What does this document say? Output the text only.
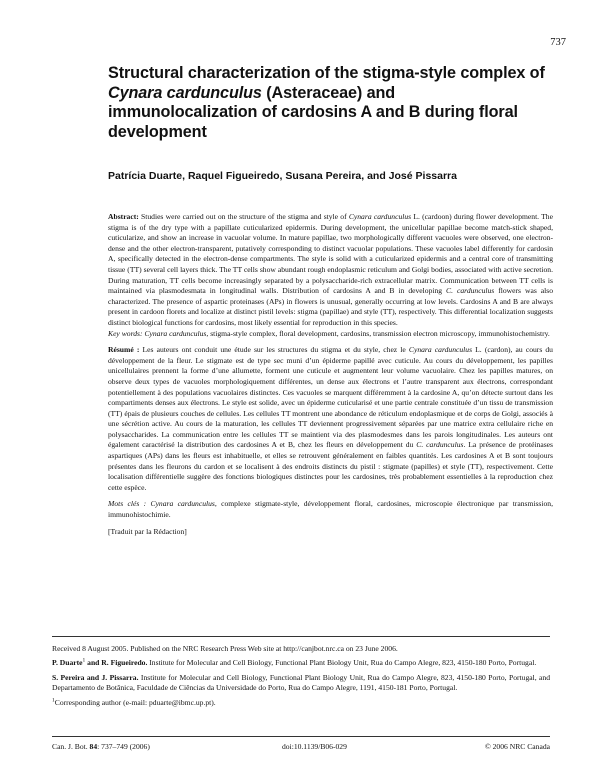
737
Structural characterization of the stigma-style complex of Cynara cardunculus (Asteraceae) and immunolocalization of cardosins A and B during floral development
Patrícia Duarte, Raquel Figueiredo, Susana Pereira, and José Pissarra

Abstract: Studies were carried out on the structure of the stigma and style of Cynara cardunculus L. (cardoon) during flower development. The stigma is of the dry type with a papillate cuticularized epidermis. During development, the unicellular papillae become match-stick shaped, cuticularize, and show an increase in vacuolar volume. In mature papillae, two morphologically different vacuoles were observed, one electron-dense and the other electron-transparent, putatively corresponding to distinct vacuolar populations. These vacuoles label differently for cardosin A, specifically detected in the electron-dense compartments. The style is solid with a cuticularized epidermis and a central core of transmitting tissue (TT) several cell layers thick. The TT cells show abundant rough endoplasmic reticulum and Golgi bodies, associated with active secretion. During maturation, TT cells become increasingly separated by a polysaccharide-rich extracellular matrix. Communication between TT cells is maintained via plasmodesmata in longitudinal walls. Distribution of cardosins A and B in developing C. cardunculus flowers was also characterized. The presence of aspartic proteinases (APs) in flowers is unusual, generally occurring at low levels. Cardosins A and B are always present in cardoon florets and localize at distinct pistil levels: stigma (papillae) and style (TT), respectively. This differential localization suggests distinct biological functions for cardosins, most likely essential for reproduction in this species.

Key words: Cynara cardunculus, stigma-style complex, floral development, cardosins, transmission electron microscopy, immunohistochemistry.

Résumé : Les auteurs ont conduit une étude sur les structures du stigma et du style, chez le Cynara cardunculus L. (cardon), au cours du développement de la fleur. Le stigmate est de type sec muni d’un épiderme papillé avec cuticule. Au cours du développement, les papilles unicellulaires prennent la forme d’une allumette, forment une cuticule et augmentent leur volume vacuolaire. Chez les papilles matures, on observe deux types de vacuoles morphologiquement différentes, un dense aux électrons et l’autre transparent aux électrons, correspondant potentiellement à des populations vacuolaires distinctes. Ces vacuoles se marquent différemment à la cardosine A, qu’on détecte surtout dans les compartiments denses aux électrons. Le style est solide, avec un épiderme cuticularisé et une partie centrale constituée d’un tissu de transmission (TT) épais de plusieurs couches de cellules. Les cellules TT montrent une abondance de réticulum endoplasmique et de corps de Golgi, associés à une sécrétion active. Au cours de la maturation, les cellules TT deviennent progressivement séparées par une matrice extra cellulaire riche en polysaccharides. La communication entre les cellules TT se maintient via des plasmodesmes dans les parois longitudinales. Les auteurs ont également caractérisé la distribution des cardosines A et B, chez les fleurs en développement du C. cardunculus. La présence de protéinases aspartiques (APs) dans les fleurs est inhabituelle, et elles se retrouvent généralement en faibles quantités. Les cardosines A et B sont toujours présentes dans les fleurons du cardon et se localisent à des endroits distincts du pistil : stigmate (papilles) et style (TT), respectivement. Cette localisation différentielle suggère des fonctions biologiques distinctes pour les cardosines, très probablement essentielles à la reproduction chez cette espèce.

Mots clés : Cynara cardunculus, complexe stigmate-style, développement floral, cardosines, microscopie électronique par transmission, immunohistochimie.

[Traduit par la Rédaction]

Received 8 August 2005. Published on the NRC Research Press Web site at http://canjbot.nrc.ca on 23 June 2006.

P. Duarte$^1$ and R. Figueiredo. Institute for Molecular and Cell Biology, Functional Plant Biology Unit, Rua do Campo Alegre, 823, 4150-180 Porto, Portugal.

S. Pereira and J. Pissarra. Institute for Molecular and Cell Biology, Functional Plant Biology Unit, Rua do Campo Alegre, 823, 4150-180 Porto, Portugal, and Departamento de Botânica, Faculdade de Ciências da Universidade do Porto, Rua do Campo Alegre, 1191, 4150-181 Porto, Portugal.

$^1$Corresponding author (e-mail: pduarte@ibmc.up.pt).

Can. J. Bot. 84: 737–749 (2006)	doi:10.1139/B06-029	© 2006 NRC Canada
